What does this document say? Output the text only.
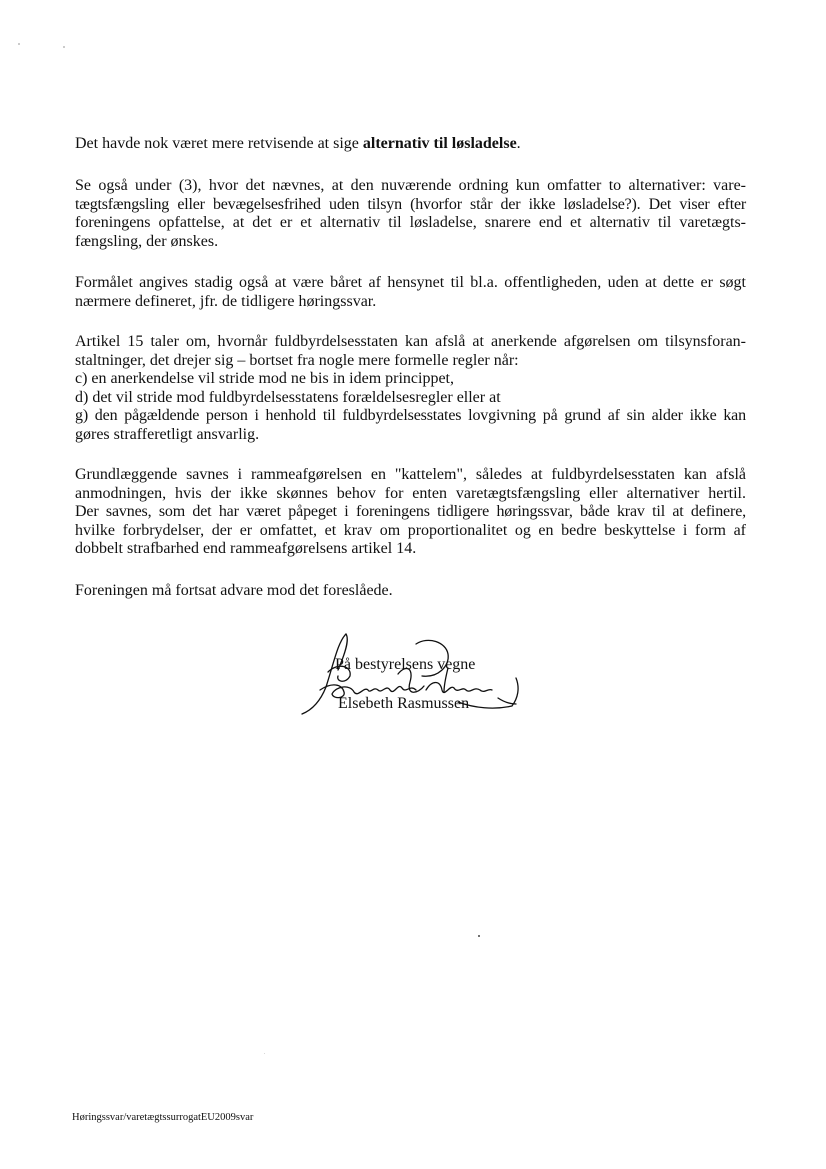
Det havde nok været mere retvisende at sige alternativ til løsladelse.

Se også under (3), hvor det nævnes, at den nuværende ordning kun omfatter to alternativer: vare-
tægtsfængsling eller bevægelsesfrihed uden tilsyn (hvorfor står der ikke løsladelse?). Det viser efter
foreningens opfattelse, at det er et alternativ til løsladelse, snarere end et alternativ til varetægts-
fængsling, der ønskes.

Formålet angives stadig også at være båret af hensynet til bl.a. offentligheden, uden at dette er søgt
nærmere defineret, jfr. de tidligere høringssvar.

Artikel 15 taler om, hvornår fuldbyrdelsesstaten kan afslå at anerkende afgørelsen om tilsynsforan-
staltninger, det drejer sig – bortset fra nogle mere formelle regler når:
c) en anerkendelse vil stride mod ne bis in idem princippet,
d) det vil stride mod fuldbyrdelsesstatens forældelsesregler eller at
g) den pågældende person i henhold til fuldbyrdelsesstates lovgivning på grund af sin alder ikke kan
gøres strafferetligt ansvarlig.

Grundlæggende savnes i rammeafgørelsen en "kattelem", således at fuldbyrdelsesstaten kan afslå
anmodningen, hvis der ikke skønnes behov for enten varetægtsfængsling eller alternativer hertil.
Der savnes, som det har været påpeget i foreningens tidligere høringssvar, både krav til at definere,
hvilke forbrydelser, der er omfattet, et krav om proportionalitet og en bedre beskyttelse i form af
dobbelt strafbarhed end rammeafgørelsens artikel 14.

Foreningen må fortsat advare mod det foreslåede.

På bestyrelsens vegne
Elsebeth Rasmussen
Høringssvar/varetægtssurrogatEU2009svar
